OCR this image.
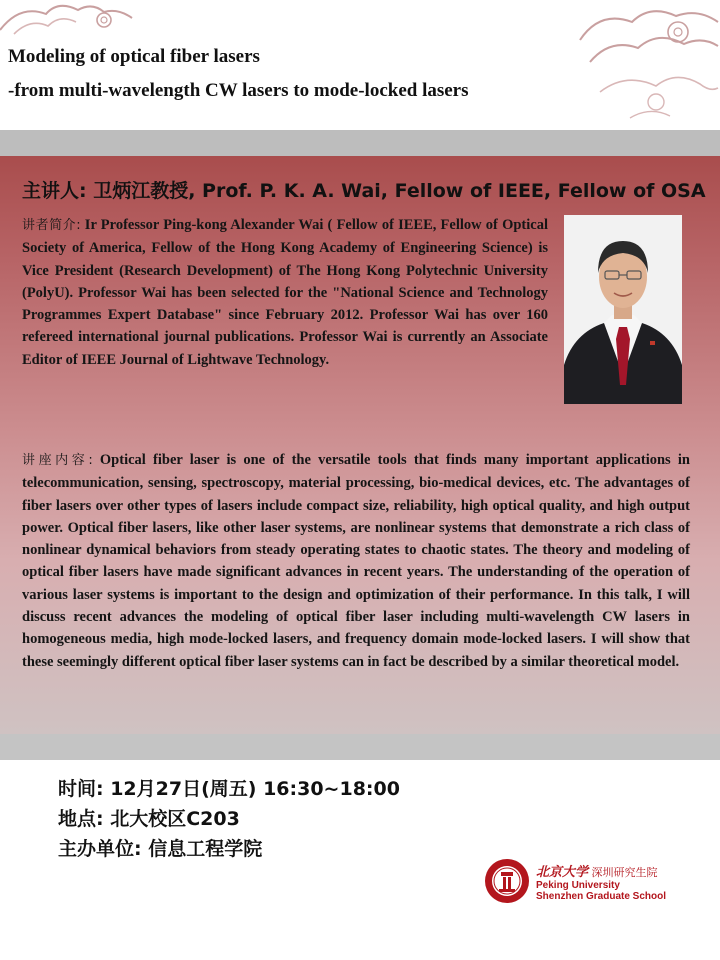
Modeling of optical fiber lasers
-from multi-wavelength CW lasers to mode-locked lasers
主讲人: 卫炳江教授, Prof. P. K. A. Wai, Fellow of IEEE, Fellow of OSA
讲者简介: Ir Professor Ping-kong Alexander Wai ( Fellow of IEEE, Fellow of Optical Society of America, Fellow of the Hong Kong Academy of Engineering Science) is Vice President (Research Development) of The Hong Kong Polytechnic University (PolyU). Professor Wai has been selected for the "National Science and Technology Programmes Expert Database" since February 2012. Professor Wai has over 160 refereed international journal publications. Professor Wai is currently an Associate Editor of IEEE Journal of Lightwave Technology.
讲座内容: Optical fiber laser is one of the versatile tools that finds many important applications in telecommunication, sensing, spectroscopy, material processing, bio-medical devices, etc. The advantages of fiber lasers over other types of lasers include compact size, reliability, high optical quality, and high output power. Optical fiber lasers, like other laser systems, are nonlinear systems that demonstrate a rich class of nonlinear dynamical behaviors from steady operating states to chaotic states. The theory and modeling of optical fiber lasers have made significant advances in recent years. The understanding of the operation of various laser systems is important to the design and optimization of their performance. In this talk, I will discuss recent advances the modeling of optical fiber laser including multi-wavelength CW lasers in homogeneous media, high mode-locked lasers, and frequency domain mode-locked lasers. I will show that these seemingly different optical fiber laser systems can in fact be described by a similar theoretical model.
时间: 12月27日(周五) 16:30~18:00
地点: 北大校区C203
主办单位: 信息工程学院
北京大学 深圳研究生院
Peking University
Shenzhen Graduate School
